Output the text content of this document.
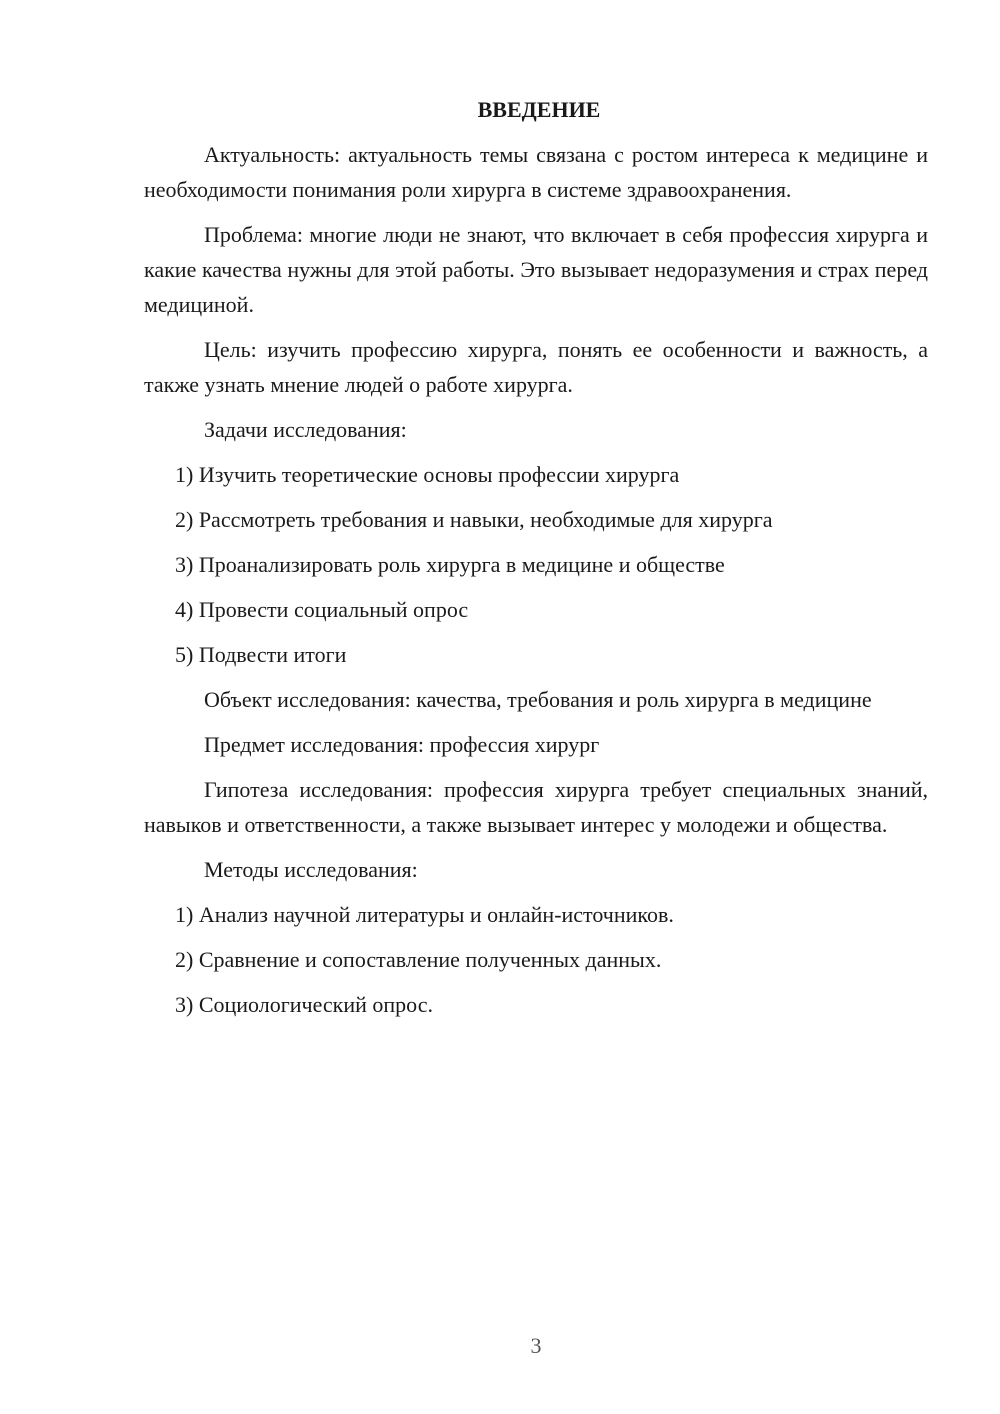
ВВЕДЕНИЕ

Актуальность: актуальность темы связана с ростом интереса к медицине и необходимости понимания роли хирурга в системе здравоохранения.

Проблема: многие люди не знают, что включает в себя профессия хирурга и какие качества нужны для этой работы. Это вызывает недоразумения и страх перед медициной.

Цель: изучить профессию хирурга, понять ее особенности и важность, а также узнать мнение людей о работе хирурга.

Задачи исследования:

1) Изучить теоретические основы профессии хирурга

2) Рассмотреть требования и навыки, необходимые для хирурга

3) Проанализировать роль хирурга в медицине и обществе

4) Провести социальный опрос

5) Подвести итоги

Объект исследования: качества, требования и роль хирурга в медицине

Предмет исследования: профессия хирург

Гипотеза исследования: профессия хирурга требует специальных знаний, навыков и ответственности, а также вызывает интерес у молодежи и общества.

Методы исследования:

1) Анализ научной литературы и онлайн-источников.

2) Сравнение и сопоставление полученных данных.

3) Социологический опрос.

3
